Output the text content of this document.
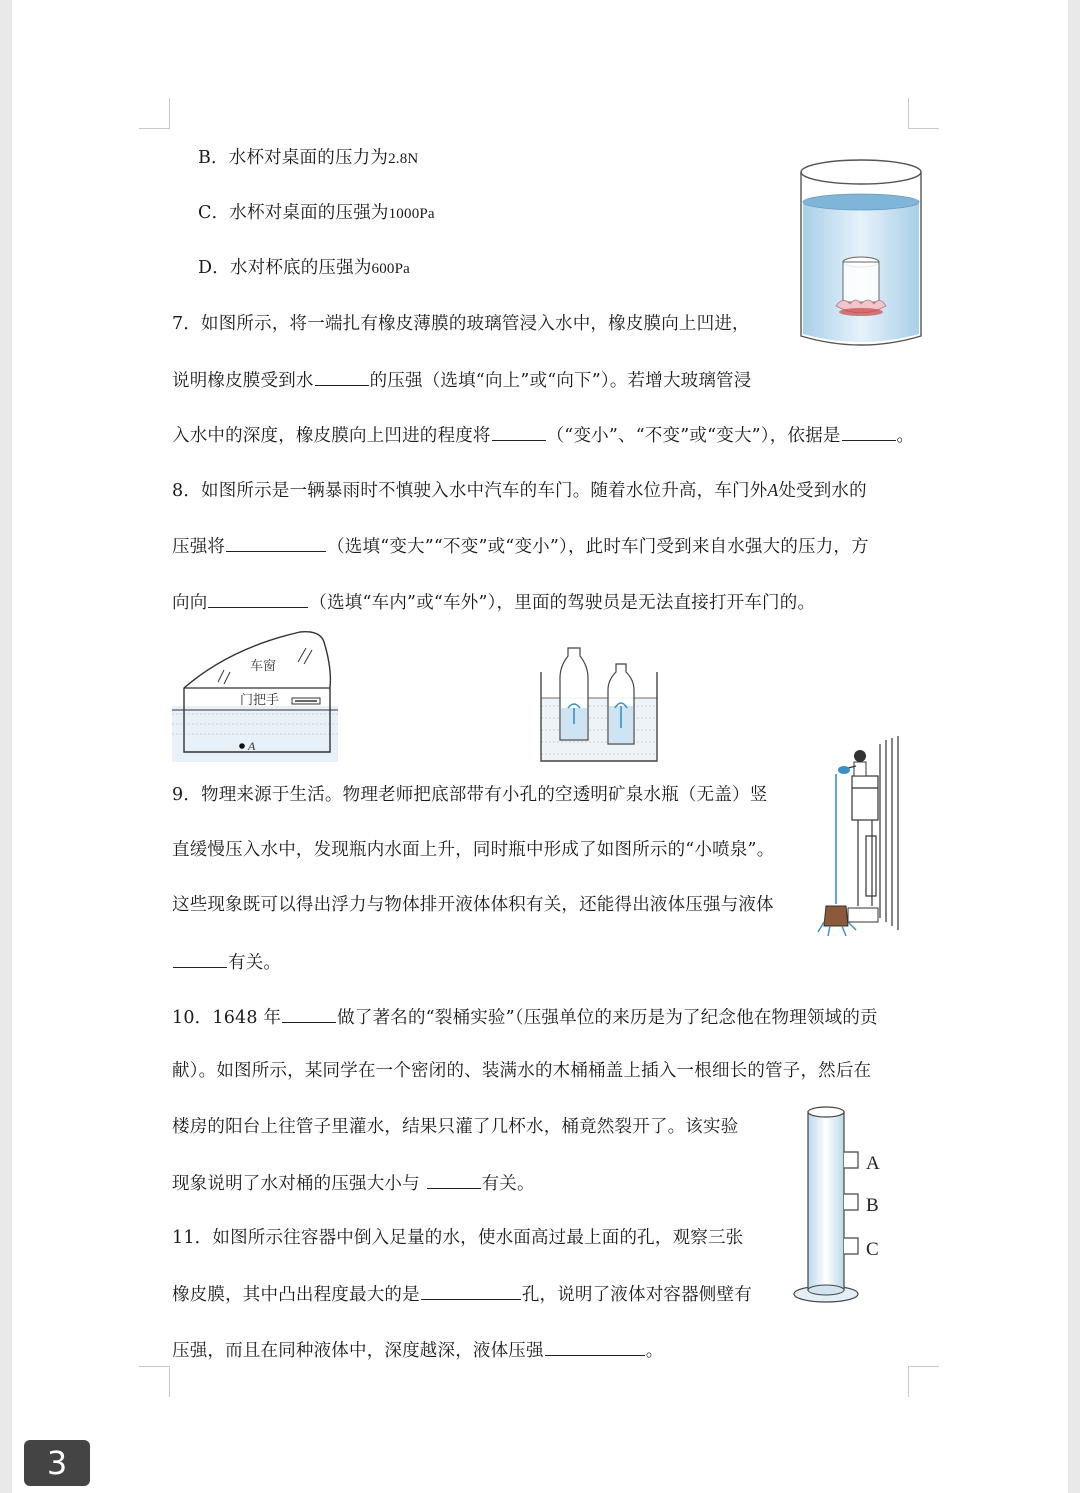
B．水杯对桌面的压力为2.8N
C．水杯对桌面的压强为1000Pa
D．水对杯底的压强为600Pa
7．如图所示，将一端扎有橡皮薄膜的玻璃管浸入水中，橡皮膜向上凹进，
说明橡皮膜受到水	的压强（选填“向上”或“向下”）。若增大玻璃管浸
入水中的深度，橡皮膜向上凹进的程度将	（“变小”、“不变”或“变大”），依据是	。
8．如图所示是一辆暴雨时不慎驶入水中汽车的车门。随着水位升高，车门外A处受到水的
压强将	（选填“变大”“不变”或“变小”），此时车门受到来自水强大的压力，方
向向	（选填“车内”或“车外”），里面的驾驶员是无法直接打开车门的。
车窗
门把手
A
9．物理来源于生活。物理老师把底部带有小孔的空透明矿泉水瓶（无盖）竖
直缓慢压入水中，发现瓶内水面上升，同时瓶中形成了如图所示的“小喷泉”。
这些现象既可以得出浮力与物体排开液体体积有关，还能得出液体压强与液体
有关。
10．1648 年	做了著名的“裂桶实验”（压强单位的来历是为了纪念他在物理领域的贡
献）。如图所示，某同学在一个密闭的、装满水的木桶桶盖上插入一根细长的管子，然后在
楼房的阳台上往管子里灌水，结果只灌了几杯水，桶竟然裂开了。该实验
现象说明了水对桶的压强大小与	有关。
A
B
C
11．如图所示往容器中倒入足量的水，使水面高过最上面的孔，观察三张
橡皮膜，其中凸出程度最大的是	孔，说明了液体对容器侧壁有
压强，而且在同种液体中，深度越深，液体压强	。
3
